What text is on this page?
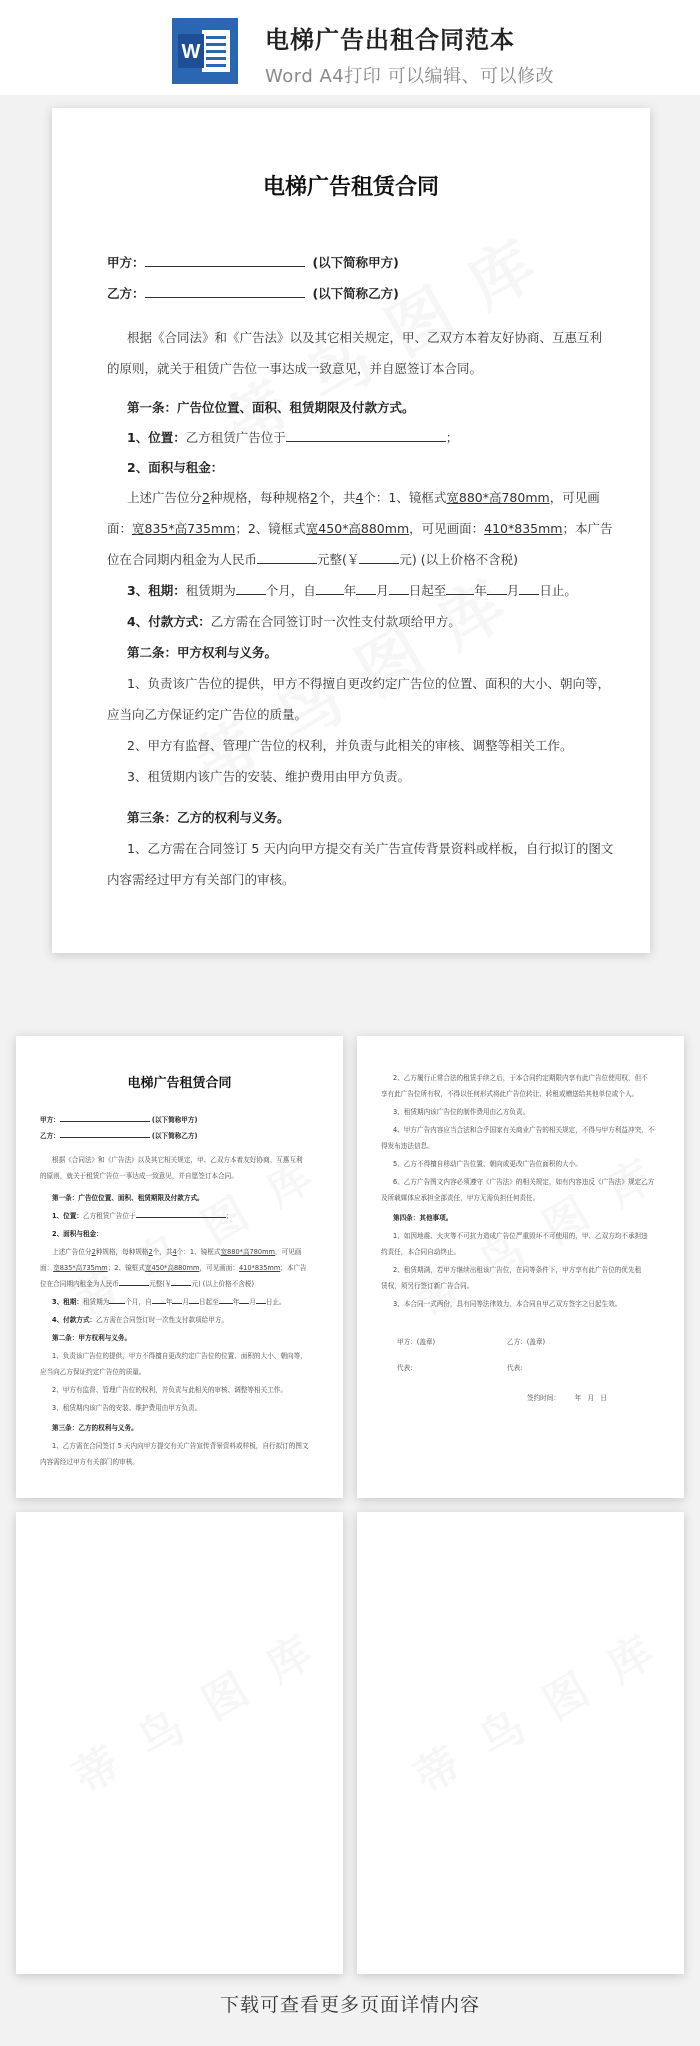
W	电梯广告出租合同范本
Word A4打印 可以编辑、可以修改
电梯广告租赁合同
甲方：	(以下简称甲方)
乙方：	(以下简称乙方)
根据《合同法》和《广告法》以及其它相关规定，甲、乙双方本着友好协商、互惠互利
的原则，就关于租赁广告位一事达成一致意见，并自愿签订本合同。
第一条：广告位位置、面积、租赁期限及付款方式。
1、位置：乙方租赁广告位于	；
2、面积与租金：
上述广告位分2种规格，每种规格2个，共4个：1、镜框式宽880*高780mm，可见画
面：宽835*高735mm；2、镜框式宽450*高880mm，可见画面：410*835mm；本广告
位在合同期内租金为人民币	元整(￥	元) (以上价格不含税)
3、租期：租赁期为 个月，自 年 月 日起至 年 月 日止。
4、付款方式：乙方需在合同签订时一次性支付款项给甲方。
第二条：甲方权利与义务。
1、负责该广告位的提供，甲方不得擅自更改约定广告位的位置、面积的大小、朝向等，
应当向乙方保证约定广告位的质量。
2、甲方有监督、管理广告位的权利，并负责与此相关的审核、调整等相关工作。
3、租赁期内该广告的安装、维护费用由甲方负责。
第三条：乙方的权利与义务。
1、乙方需在合同签订 5 天内向甲方提交有关广告宣传背景资料或样板，自行拟订的图文
内容需经过甲方有关部门的审核。
电梯广告租赁合同
甲方：	(以下简称甲方)
乙方：	(以下简称乙方)
根据《合同法》和《广告法》以及其它相关规定，甲、乙双方本着友好协商、互惠互利
的原则，就关于租赁广告位一事达成一致意见，并自愿签订本合同。
第一条：广告位位置、面积、租赁期限及付款方式。
1、位置：乙方租赁广告位于	；
2、面积与租金：
上述广告位分2种规格，每种规格2个，共4个：1、镜框式宽880*高780mm，可见画
面：宽835*高735mm；2、镜框式宽450*高880mm，可见画面：410*835mm；本广告
位在合同期内租金为人民币	元整(￥	元) (以上价格不含税)
3、租期：租赁期为 个月，自 年 月 日起至 年 月 日止。
4、付款方式：乙方需在合同签订时一次性支付款项给甲方。
第二条：甲方权利与义务。
1、负责该广告位的提供，甲方不得擅自更改约定广告位的位置、面积的大小、朝向等，
应当向乙方保证约定广告位的质量。
2、甲方有监督、管理广告位的权利，并负责与此相关的审核、调整等相关工作。
3、租赁期内该广告的安装、维护费用由甲方负责。
第三条：乙方的权利与义务。
1、乙方需在合同签订 5 天内向甲方提交有关广告宣传背景资料或样板，自行拟订的图文
内容需经过甲方有关部门的审核。
2、乙方履行正常合法的租赁手续之后，于本合同约定期限内享有此广告位使用权，但不
享有此广告位所有权，不得以任何形式将此广告位转让、转租或赠送给其他单位或个人。
3、租赁期内该广告位的制作费用由乙方负责。
4、甲方广告内容应当合法和合乎国家有关商业广告的相关规定，不得与甲方利益冲突，不
得发布违法信息。
5、乙方不得擅自移动广告位置、朝向或更改广告位面积的大小。
6、乙方广告图文内容必须遵守《广告法》的相关规定，如有内容违反《广告法》规定乙方
及所载媒体应承担全部责任，甲方无需负担任何责任。
第四条：其他事项。
1、如因地震、火灾等不可抗力造成广告位严重毁坏不可使用的，甲、乙双方均不承担违
约责任，本合同自动终止。
2、租赁期满，若甲方继续出租该广告位，在同等条件下，甲方享有此广告位的优先租
赁权，须另行签订新广告合同。
3、本合同一式两份，具有同等法律效力，本合同自甲乙双方签字之日起生效。
甲方：(盖章)	乙方：(盖章)
代表:	代表:
签约时间： 年 月 日
下载可查看更多页面详情内容
